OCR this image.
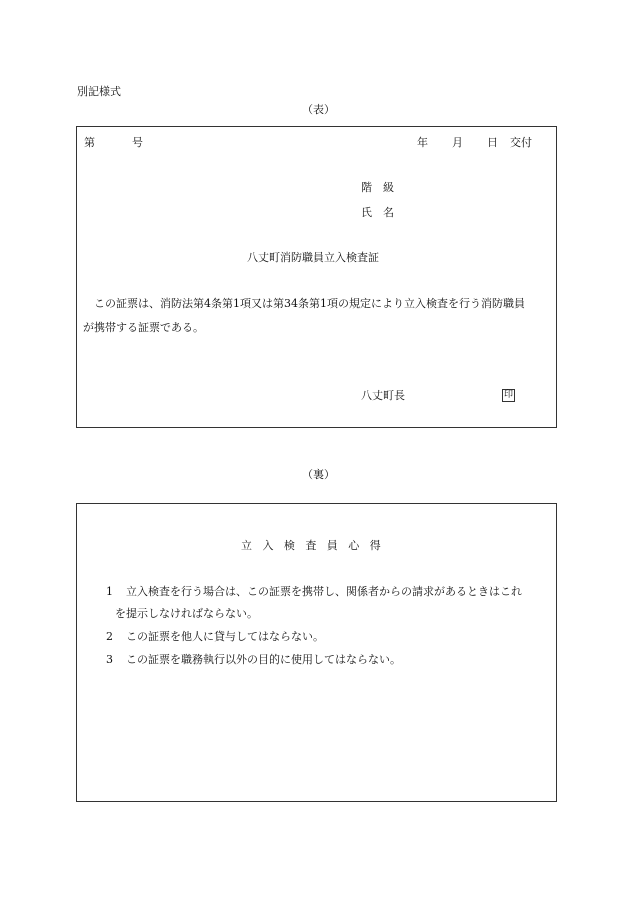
別記様式
（表）
第	号	年 月 日 交付
階　級
氏　名
八丈町消防職員立入検査証
　この証票は、消防法第4条第1項又は第34条第1項の規定により立入検査を行う消防職員
が携帯する証票である。
八丈町長	印
（裏）
立入検査員心得
1 立入検査を行う場合は、この証票を携帯し、関係者からの請求があるときはこれ
を提示しなければならない。
2 この証票を他人に貸与してはならない。
3 この証票を職務執行以外の目的に使用してはならない。
